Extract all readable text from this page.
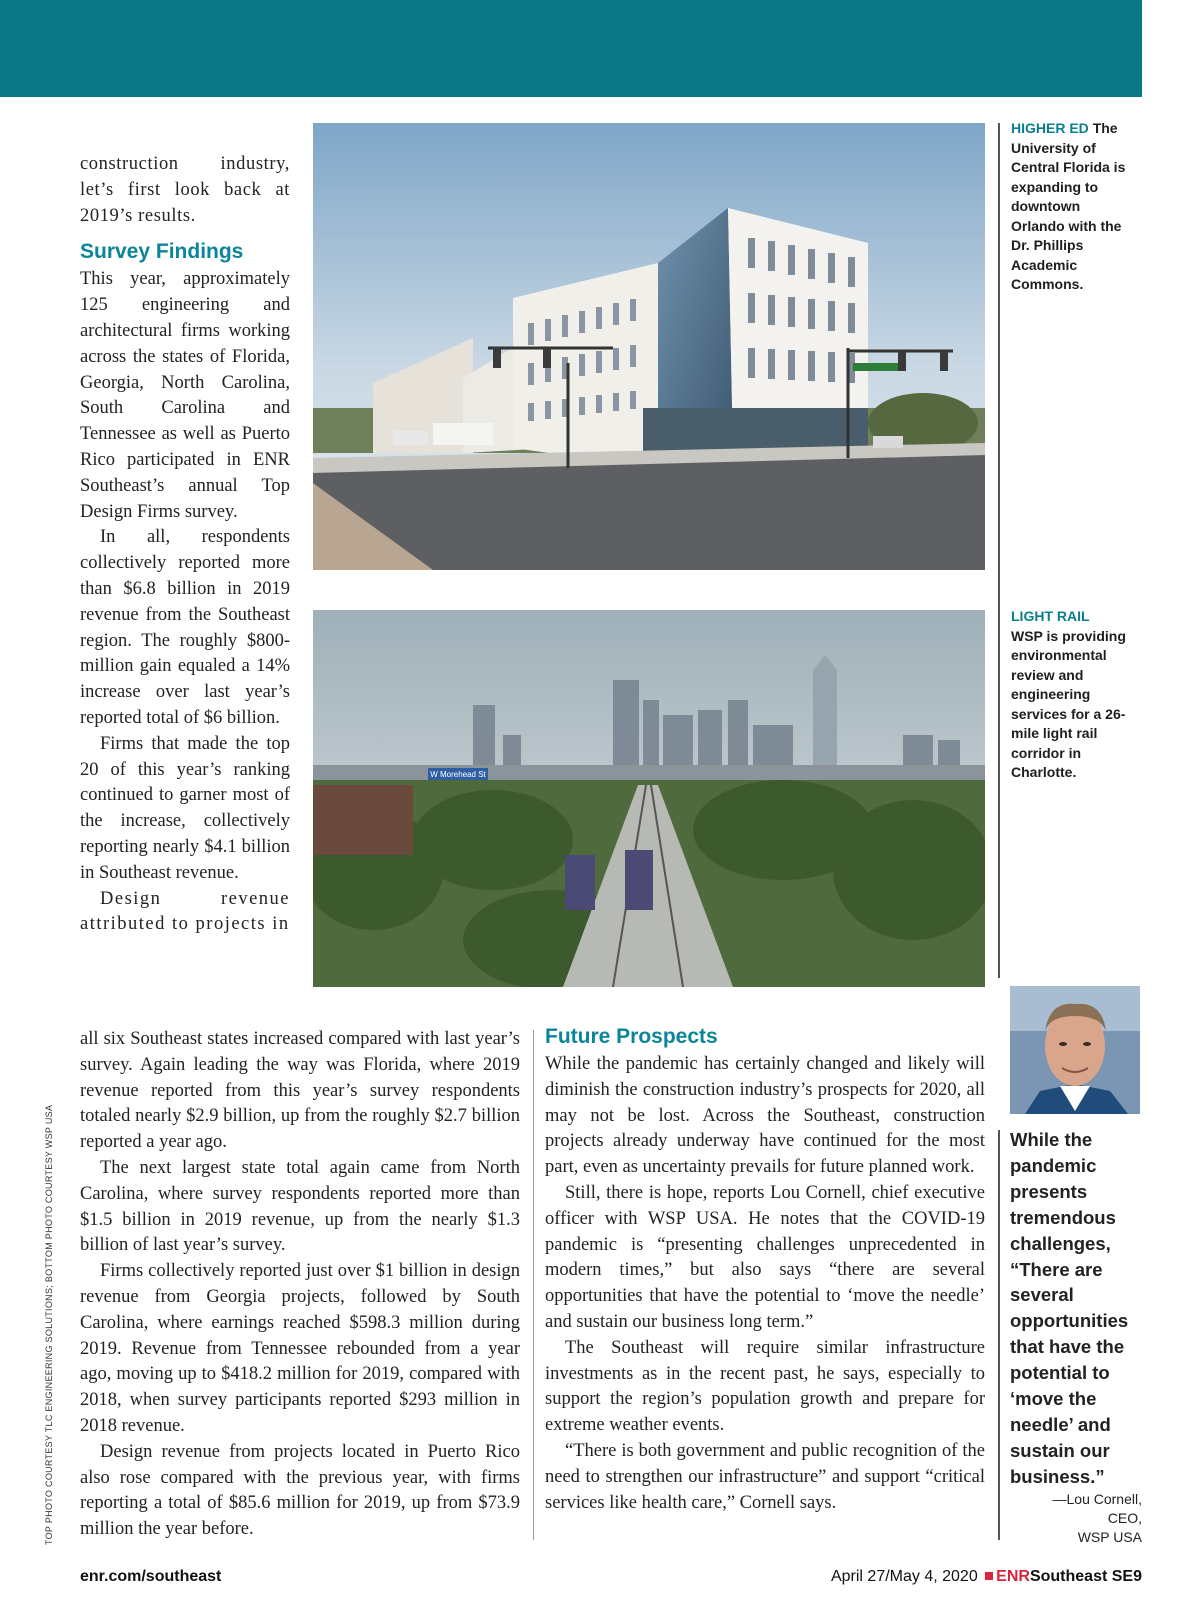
construction industry, let’s first look back at 2019’s results.

Survey Findings

This year, approximately 125 engineering and architectural firms working across the states of Florida, Georgia, North Carolina, South Carolina and Tennessee as well as Puerto Rico participated in ENR Southeast’s annual Top Design Firms survey.

In all, respondents collectively reported more than $6.8 billion in 2019 revenue from the Southeast region. The roughly $800-million gain equaled a 14% increase over last year’s reported total of $6 billion.

Firms that made the top 20 of this year’s ranking continued to garner most of the increase, collectively reporting nearly $4.1 billion in Southeast revenue.

Design revenue attributed to projects in

all six Southeast states increased compared with last year’s survey. Again leading the way was Florida, where 2019 revenue reported from this year’s survey respondents totaled nearly $2.9 billion, up from the roughly $2.7 billion reported a year ago.

The next largest state total again came from North Carolina, where survey respondents reported more than $1.5 billion in 2019 revenue, up from the nearly $1.3 billion of last year’s survey.

Firms collectively reported just over $1 billion in design revenue from Georgia projects, followed by South Carolina, where earnings reached $598.3 million during 2019. Revenue from Tennessee rebounded from a year ago, moving up to $418.2 million for 2019, compared with 2018, when survey participants reported $293 million in 2018 revenue.

Design revenue from projects located in Puerto Rico also rose compared with the previous year, with firms reporting a total of $85.6 million for 2019, up from $73.9 million the year before.

Future Prospects

While the pandemic has certainly changed and likely will diminish the construction industry’s prospects for 2020, all may not be lost. Across the Southeast, construction projects already underway have continued for the most part, even as uncertainty prevails for future planned work.

Still, there is hope, reports Lou Cornell, chief executive officer with WSP USA. He notes that the COVID-19 pandemic is “presenting challenges unprecedented in modern times,” but also says “there are several opportunities that have the potential to ‘move the needle’ and sustain our business long term.”

The Southeast will require similar infrastructure investments as in the recent past, he says, especially to support the region’s population growth and prepare for extreme weather events.

“There is both government and public recognition of the need to strengthen our infrastructure” and support “critical services like health care,” Cornell says.

W Morehead St
HIGHER ED The University of Central Florida is expanding to downtown Orlando with the Dr. Phillips Academic Commons.
LIGHT RAIL
WSP is providing environmental review and engineering services for a 26-mile light rail corridor in Charlotte.
While the pandemic presents tremendous challenges, “There are several opportunities that have the potential to ‘move the needle’ and sustain our business.”
—Lou Cornell,
CEO,
WSP USA
TOP PHOTO COURTESY TLC ENGINEERING SOLUTIONS; BOTTOM PHOTO COURTESY WSP USA
enr.com/southeast	April 27/May 4, 2020 ENRSoutheast SE9
